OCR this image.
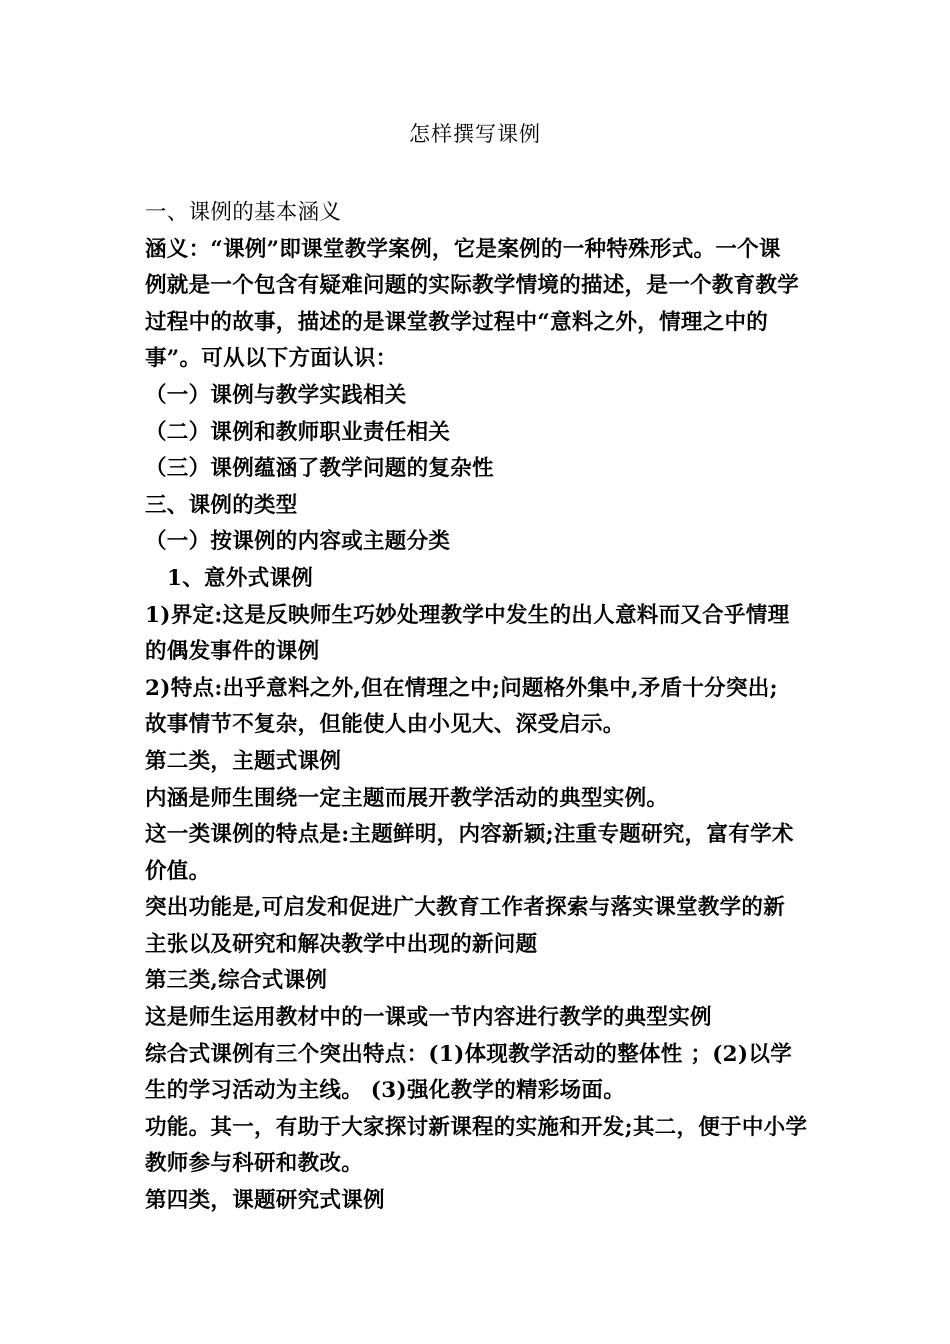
怎样撰写课例
一、课例的基本涵义
涵义：“课例”即课堂教学案例，它是案例的一种特殊形式。一个课
例就是一个包含有疑难问题的实际教学情境的描述，是一个教育教学
过程中的故事，描述的是课堂教学过程中“意料之外，情理之中的
事”。可从以下方面认识：
（一）课例与教学实践相关
（二）课例和教师职业责任相关
（三）课例蕴涵了教学问题的复杂性
三、课例的类型
（一）按课例的内容或主题分类
1、意外式课例
1)界定:这是反映师生巧妙处理教学中发生的出人意料而又合乎情理
的偶发事件的课例
2)特点:出乎意料之外,但在情理之中;问题格外集中,矛盾十分突出;
故事情节不复杂，但能使人由小见大、深受启示。
第二类，主题式课例
内涵是师生围绕一定主题而展开教学活动的典型实例。
这一类课例的特点是:主题鲜明，内容新颖;注重专题研究，富有学术
价值。
突出功能是,可启发和促进广大教育工作者探索与落实课堂教学的新
主张以及研究和解决教学中出现的新问题
第三类,综合式课例
这是师生运用教材中的一课或一节内容进行教学的典型实例
综合式课例有三个突出特点：(1)体现教学活动的整体性 ；(2)以学
生的学习活动为主线。 (3)强化教学的精彩场面。
功能。其一，有助于大家探讨新课程的实施和开发;其二，便于中小学
教师参与科研和教改。
第四类，课题研究式课例
